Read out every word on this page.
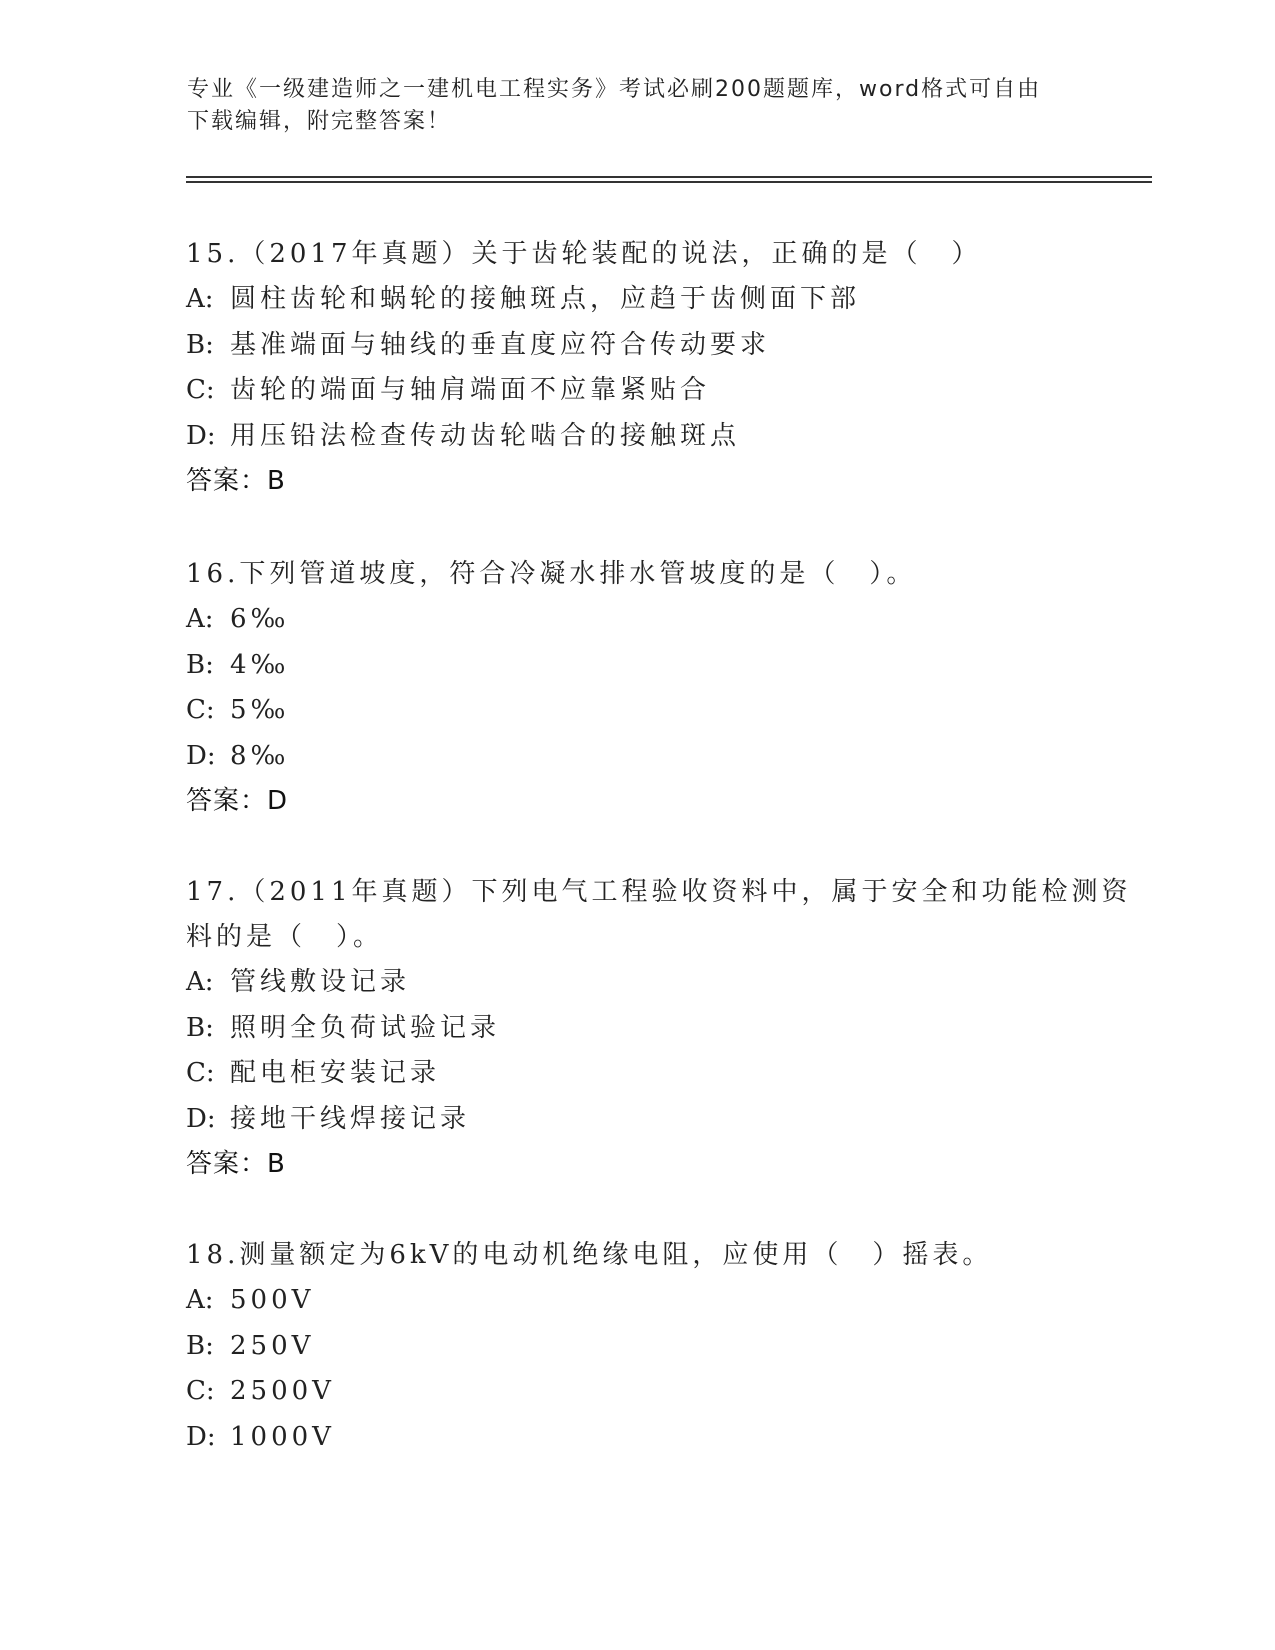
专业《一级建造师之一建机电工程实务》考试必刷200题题库，word格式可自由
下载编辑，附完整答案！
15.（2017年真题）关于齿轮装配的说法，正确的是（　）
A: 圆柱齿轮和蜗轮的接触斑点，应趋于齿侧面下部
B: 基准端面与轴线的垂直度应符合传动要求
C: 齿轮的端面与轴肩端面不应靠紧贴合
D: 用压铅法检查传动齿轮啮合的接触斑点
答案：B
16.下列管道坡度，符合冷凝水排水管坡度的是（　）。
A: 6‰
B: 4‰
C: 5‰
D: 8‰
答案：D
17.（2011年真题）下列电气工程验收资料中，属于安全和功能检测资
料的是（　）。
A: 管线敷设记录
B: 照明全负荷试验记录
C: 配电柜安装记录
D: 接地干线焊接记录
答案：B
18.测量额定为6kV的电动机绝缘电阻，应使用（　）摇表。
A: 500V
B: 250V
C: 2500V
D: 1000V
